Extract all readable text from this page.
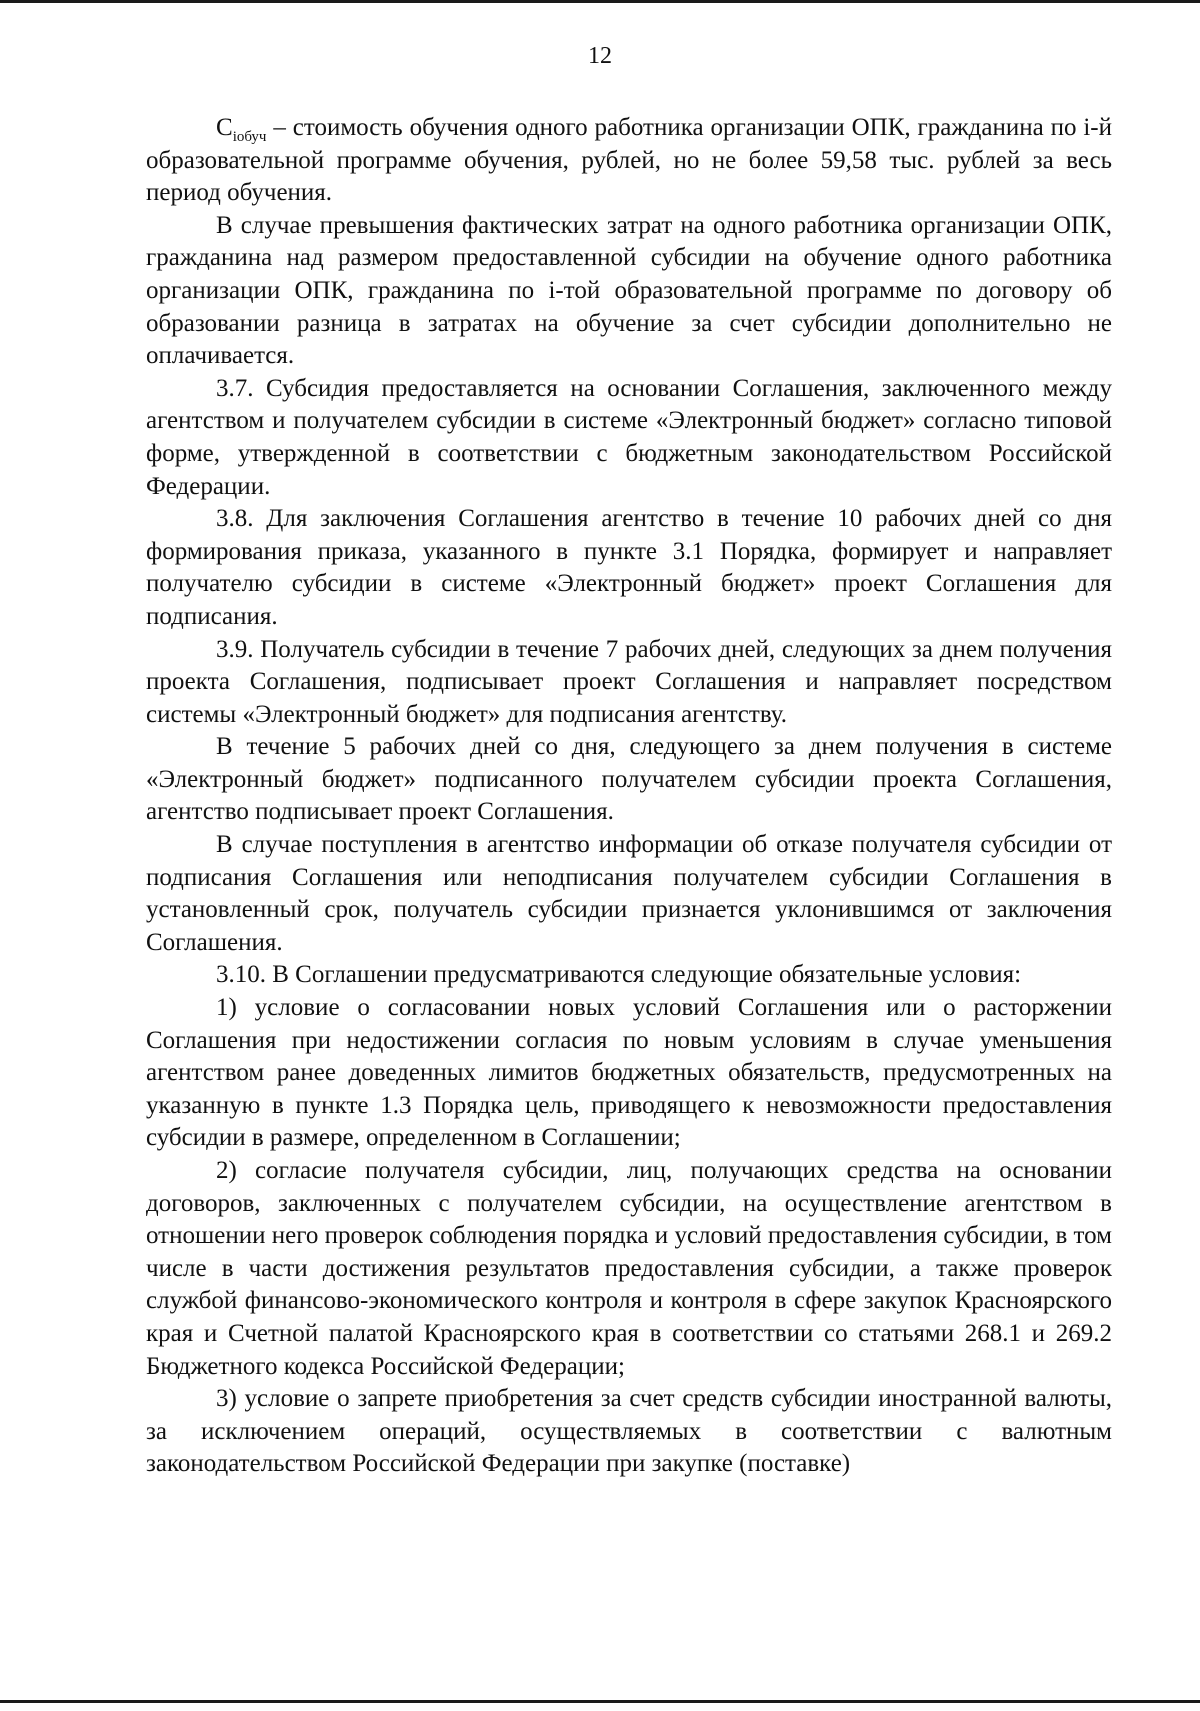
12

$С_{iобуч}$ – стоимость обучения одного работника организации ОПК, гражданина по i-й образовательной программе обучения, рублей, но не более 59,58 тыс. рублей за весь период обучения.

В случае превышения фактических затрат на одного работника организации ОПК, гражданина над размером предоставленной субсидии на обучение одного работника организации ОПК, гражданина по i-той образовательной программе по договору об образовании разница в затратах на обучение за счет субсидии дополнительно не оплачивается.

3.7. Субсидия предоставляется на основании Соглашения, заключенного между агентством и получателем субсидии в системе «Электронный бюджет» согласно типовой форме, утвержденной в соответствии с бюджетным законодательством Российской Федерации.

3.8. Для заключения Соглашения агентство в течение 10 рабочих дней со дня формирования приказа, указанного в пункте 3.1 Порядка, формирует и направляет получателю субсидии в системе «Электронный бюджет» проект Соглашения для подписания.

3.9. Получатель субсидии в течение 7 рабочих дней, следующих за днем получения проекта Соглашения, подписывает проект Соглашения и направляет посредством системы «Электронный бюджет» для подписания агентству.

В течение 5 рабочих дней со дня, следующего за днем получения в системе «Электронный бюджет» подписанного получателем субсидии проекта Соглашения, агентство подписывает проект Соглашения.

В случае поступления в агентство информации об отказе получателя субсидии от подписания Соглашения или неподписания получателем субсидии Соглашения в установленный срок, получатель субсидии признается уклонившимся от заключения Соглашения.

3.10. В Соглашении предусматриваются следующие обязательные условия:

1) условие о согласовании новых условий Соглашения или о расторжении Соглашения при недостижении согласия по новым условиям в случае уменьшения агентством ранее доведенных лимитов бюджетных обязательств, предусмотренных на указанную в пункте 1.3 Порядка цель, приводящего к невозможности предоставления субсидии в размере, определенном в Соглашении;

2) согласие получателя субсидии, лиц, получающих средства на основании договоров, заключенных с получателем субсидии, на осуществление агентством в отношении него проверок соблюдения порядка и условий предоставления субсидии, в том числе в части достижения результатов предоставления субсидии, а также проверок службой финансово-экономического контроля и контроля в сфере закупок Красноярского края и Счетной палатой Красноярского края в соответствии со статьями 268.1 и 269.2 Бюджетного кодекса Российской Федерации;

3) условие о запрете приобретения за счет средств субсидии иностранной валюты, за исключением операций, осуществляемых в соответствии с валютным законодательством Российской Федерации при закупке (поставке)
